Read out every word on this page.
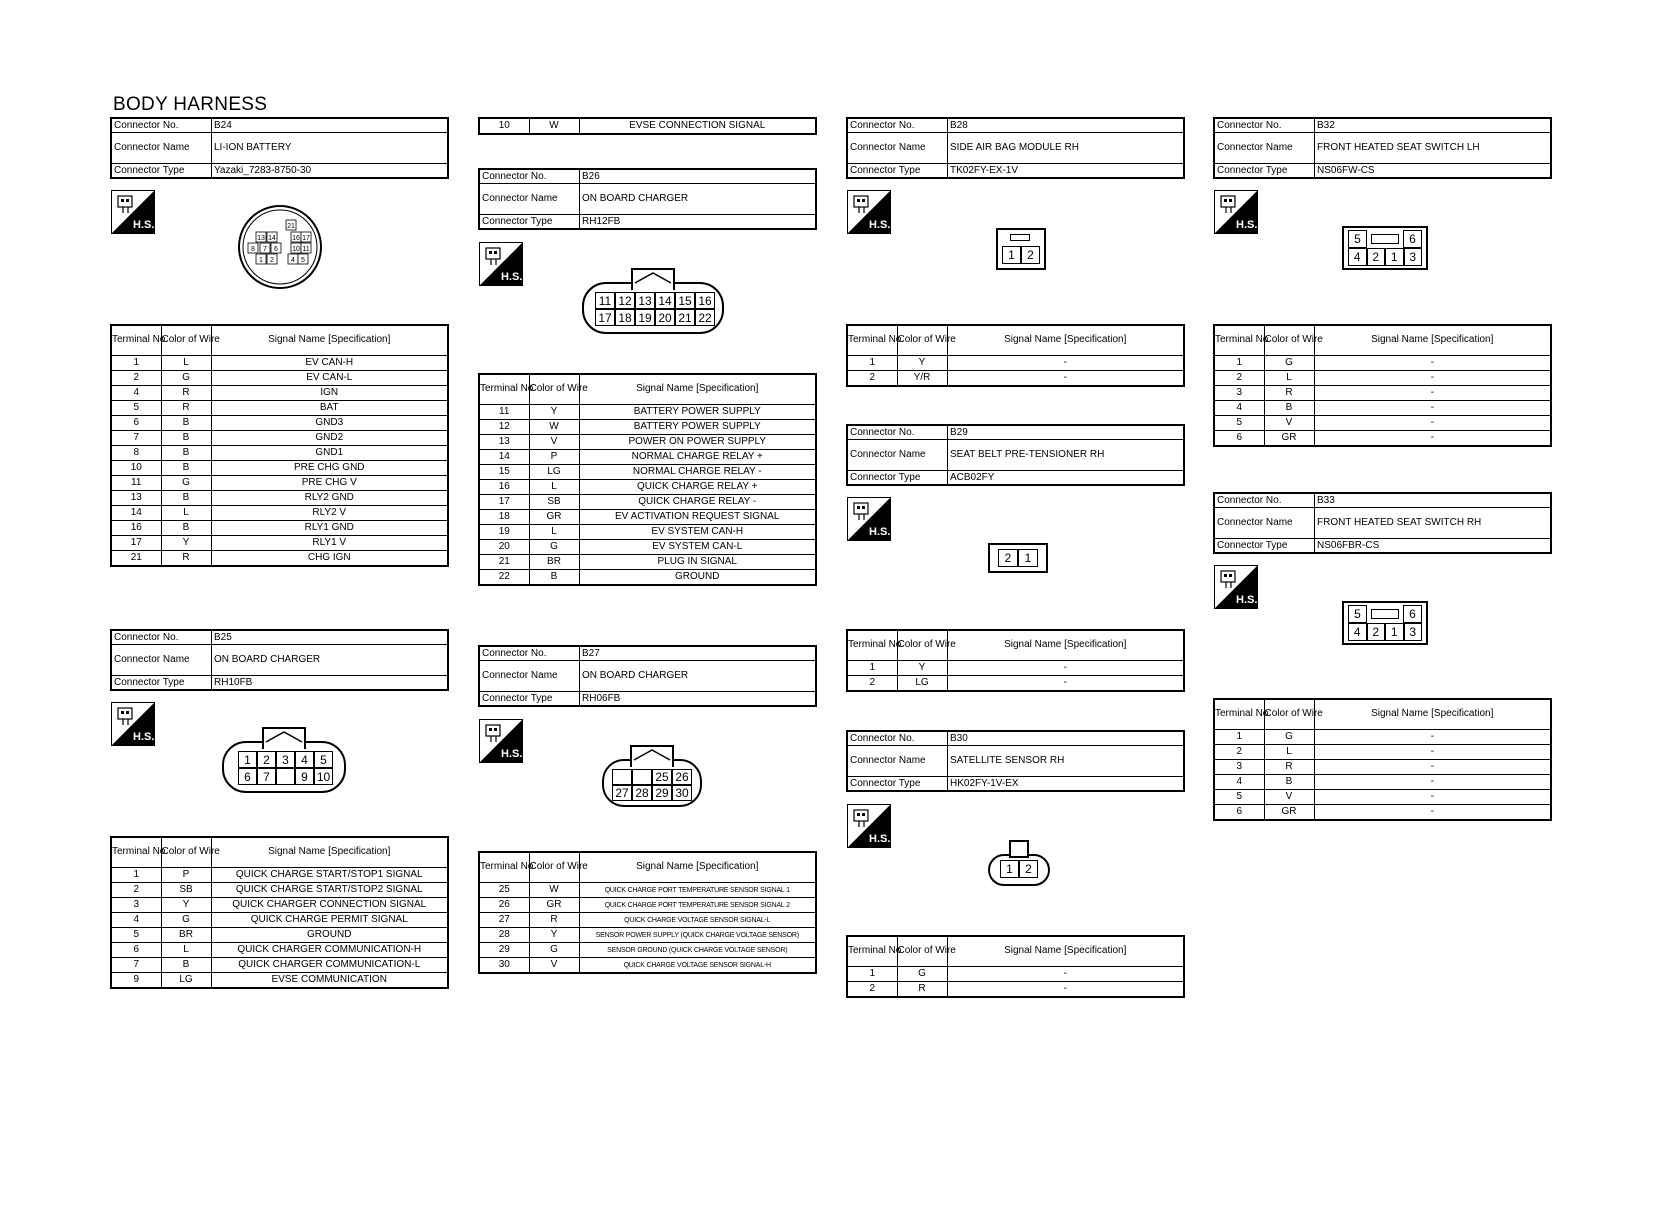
BODY HARNESS
Connector No.	B24
Connector Name	LI-ION BATTERY
Connector Type	Yazaki_7283-8750-30
H.S.	21
13 14 16 17
8 7 6 10 11
1 2 4 5
Terminal No.	Color of Wire	Signal Name [Specification]
1	L	EV CAN-H
2	G	EV CAN-L
4	R	IGN
5	R	BAT
6	B	GND3
7	B	GND2
8	B	GND1
10	B	PRE CHG GND
11	G	PRE CHG V
13	B	RLY2 GND
14	L	RLY2 V
16	B	RLY1 GND
17	Y	RLY1 V
21	R	CHG IGN
Connector No.	B25
Connector Name	ON BOARD CHARGER
Connector Type	RH10FB
H.S.
1	2	3	4	5
6	7	9 10
Terminal No.	Color of Wire	Signal Name [Specification]
1	P	QUICK CHARGE START/STOP1 SIGNAL
2	SB	QUICK CHARGE START/STOP2 SIGNAL
3	Y	QUICK CHARGER CONNECTION SIGNAL
4	G	QUICK CHARGE PERMIT SIGNAL
5	BR	GROUND
6	L	QUICK CHARGER COMMUNICATION-H
7	B	QUICK CHARGER COMMUNICATION-L
9	LG	EVSE COMMUNICATION
10	W	EVSE CONNECTION SIGNAL
Connector No.	B26
Connector Name	ON BOARD CHARGER
Connector Type	RH12FB
H.S.
11 12 13 14 15 16
17 18 19 20 21 22
Terminal No.	Color of Wire	Signal Name [Specification]
11	Y	BATTERY POWER SUPPLY
12	W	BATTERY POWER SUPPLY
13	V	POWER ON POWER SUPPLY
14	P	NORMAL CHARGE RELAY +
15	LG	NORMAL CHARGE RELAY -
16	L	QUICK CHARGE RELAY +
17	SB	QUICK CHARGE RELAY -
18	GR	EV ACTIVATION REQUEST SIGNAL
19	L	EV SYSTEM CAN-H
20	G	EV SYSTEM CAN-L
21	BR	PLUG IN SIGNAL
22	B	GROUND
Connector No.	B27
Connector Name	ON BOARD CHARGER
Connector Type	RH06FB
H.S.
25 26
27 28 29 30
Terminal No.	Color of Wire	Signal Name [Specification]
25	W	QUICK CHARGE PORT TEMPERATURE SENSOR SIGNAL 1
26	GR	QUICK CHARGE PORT TEMPERATURE SENSOR SIGNAL 2
27	R	QUICK CHARGE VOLTAGE SENSOR SIGNAL-L
28	Y	SENSOR POWER SUPPLY (QUICK CHARGE VOLTAGE SENSOR)
29	G	SENSOR GROUND (QUICK CHARGE VOLTAGE SENSOR)
30	V	QUICK CHARGE VOLTAGE SENSOR SIGNAL-H
Connector No.	B28
Connector Name	SIDE AIR BAG MODULE RH
Connector Type	TK02FY-EX-1V
H.S.
1	2
Terminal No.	Color of Wire	Signal Name [Specification]
1	Y	-
2	Y/R	-
Connector No.	B29
Connector Name	SEAT BELT PRE-TENSIONER RH
Connector Type	ACB02FY
H.S.
2	1
Terminal No.	Color of Wire	Signal Name [Specification]
1	Y	-
2	LG	-
Connector No.	B30
Connector Name	SATELLITE SENSOR RH
Connector Type	HK02FY-1V-EX
H.S.
1	2
Terminal No.	Color of Wire	Signal Name [Specification]
1	G	-
2	R	-
Connector No.	B32
Connector Name	FRONT HEATED SEAT SWITCH LH
Connector Type	NS06FW-CS
H.S.
5	6
4 2 1 3
Terminal No.	Color of Wire	Signal Name [Specification]
1	G	-
2	L	-
3	R	-
4	B	-
5	V	-
6	GR	-
Connector No.	B33
Connector Name	FRONT HEATED SEAT SWITCH RH
Connector Type	NS06FBR-CS
H.S.
5	6
4 2 1 3
Terminal No.	Color of Wire	Signal Name [Specification]
1	G	-
2	L	-
3	R	-
4	B	-
5	V	-
6	GR	-
